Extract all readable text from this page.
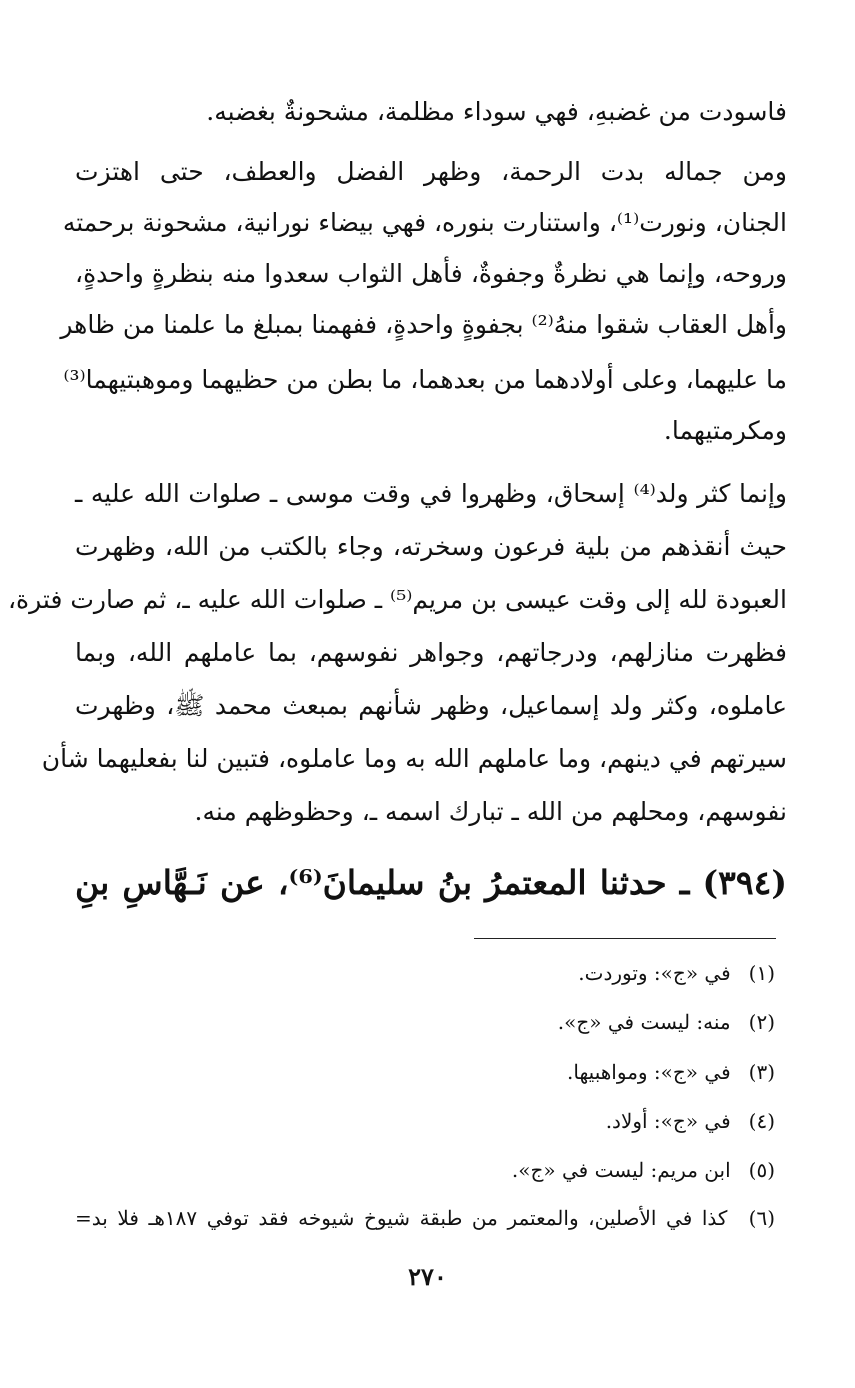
فاسودت من غضبهِ، فهي سوداء مظلمة، مشحونةٌ بغضبه.
ومن جماله بدت الرحمة، وظهر الفضل والعطف، حتى اهتزت
الجنان، ونورت⁽¹⁾، واستنارت بنوره، فهي بيضاء نورانية، مشحونة برحمته
وروحه، وإنما هي نظرةٌ وجفوةٌ، فأهل الثواب سعدوا منه بنظرةٍ واحدةٍ،
وأهل العقاب شقوا منهُ⁽²⁾ بجفوةٍ واحدةٍ، ففهمنا بمبلغ ما علمنا من ظاهر
ما عليهما، وعلى أولادهما من بعدهما، ما بطن من حظيهما وموهبتيهما⁽³⁾
ومكرمتيهما.
وإنما كثر ولد⁽⁴⁾ إسحاق، وظهروا في وقت موسى ـ صلوات الله عليه ـ
حيث أنقذهم من بلية فرعون وسخرته، وجاء بالكتب من الله، وظهرت
العبودة لله إلى وقت عيسى بن مريم⁽⁵⁾ ـ صلوات الله عليه ـ، ثم صارت فترة،
فظهرت منازلهم، ودرجاتهم، وجواهر نفوسهم، بما عاملهم الله، وبما
عاملوه، وكثر ولد إسماعيل، وظهر شأنهم بمبعث محمد ﷺ، وظهرت
سيرتهم في دينهم، وما عاملهم الله به وما عاملوه، فتبين لنا بفعليهما شأن
نفوسهم، ومحلهم من الله ـ تبارك اسمه ـ، وحظوظهم منه.
(٣٩٤) ـ حدثنا المعتمرُ بنُ سليمانَ⁽⁶⁾، عن نَـهَّاسِ بنِ
(١) في «ج»: وتوردت.
(٢) منه: ليست في «ج».
(٣) في «ج»: ومواهبيها.
(٤) في «ج»: أولاد.
(٥) ابن مريم: ليست في «ج».
(٦) كذا في الأصلين، والمعتمر من طبقة شيوخ شيوخه فقد توفي ١٨٧هـ فلا بد=
٢٧٠
